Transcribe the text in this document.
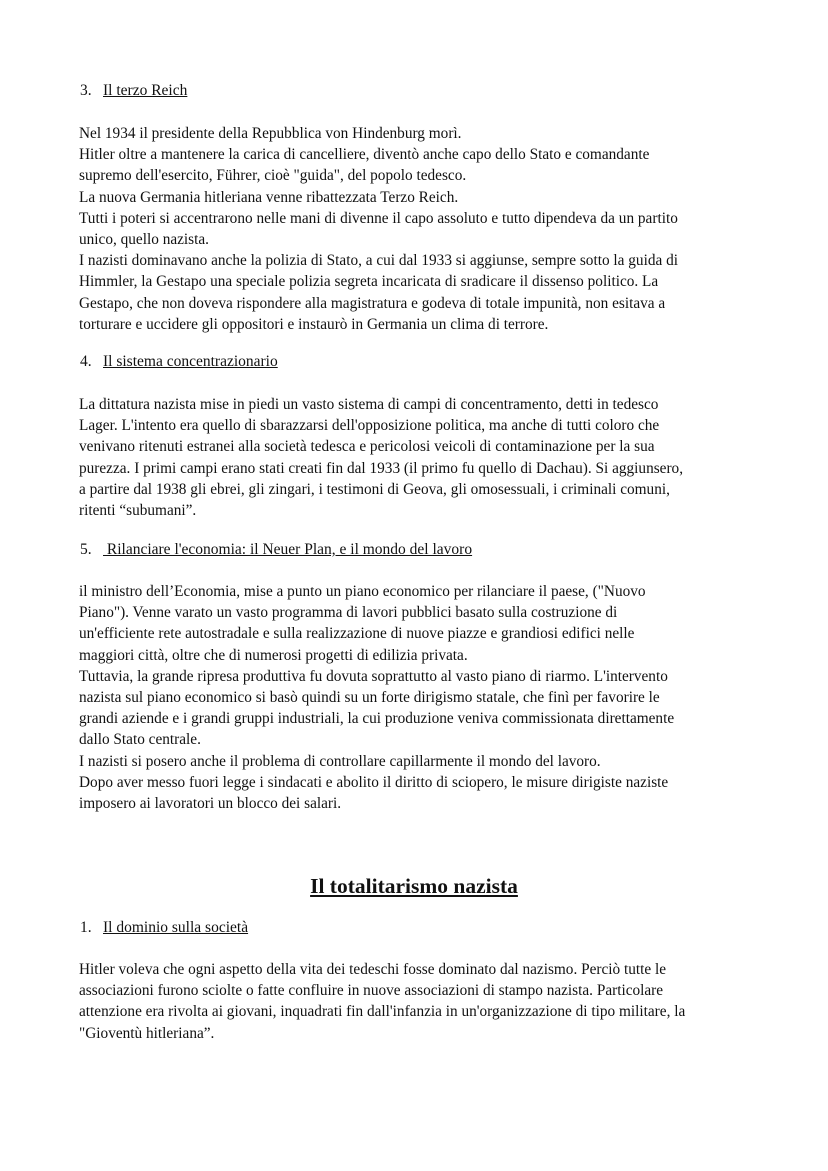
3. Il terzo Reich
Nel 1934 il presidente della Repubblica von Hindenburg morì.
Hitler oltre a mantenere la carica di cancelliere, diventò anche capo dello Stato e comandante
supremo dell'esercito, Führer, cioè "guida", del popolo tedesco.
La nuova Germania hitleriana venne ribattezzata Terzo Reich.
Tutti i poteri si accentrarono nelle mani di divenne il capo assoluto e tutto dipendeva da un partito
unico, quello nazista.
I nazisti dominavano anche la polizia di Stato, a cui dal 1933 si aggiunse, sempre sotto la guida di
Himmler, la Gestapo una speciale polizia segreta incaricata di sradicare il dissenso politico. La
Gestapo, che non doveva rispondere alla magistratura e godeva di totale impunità, non esitava a
torturare e uccidere gli oppositori e instaurò in Germania un clima di terrore.
4. Il sistema concentrazionario
La dittatura nazista mise in piedi un vasto sistema di campi di concentramento, detti in tedesco
Lager. L'intento era quello di sbarazzarsi dell'opposizione politica, ma anche di tutti coloro che
venivano ritenuti estranei alla società tedesca e pericolosi veicoli di contaminazione per la sua
purezza. I primi campi erano stati creati fin dal 1933 (il primo fu quello di Dachau). Si aggiunsero,
a partire dal 1938 gli ebrei, gli zingari, i testimoni di Geova, gli omosessuali, i criminali comuni,
ritenti “subumani”.
5. Rilanciare l'economia: il Neuer Plan, e il mondo del lavoro
il ministro dell’Economia, mise a punto un piano economico per rilanciare il paese, ("Nuovo
Piano"). Venne varato un vasto programma di lavori pubblici basato sulla costruzione di
un'efficiente rete autostradale e sulla realizzazione di nuove piazze e grandiosi edifici nelle
maggiori città, oltre che di numerosi progetti di edilizia privata.
Tuttavia, la grande ripresa produttiva fu dovuta soprattutto al vasto piano di riarmo. L'intervento
nazista sul piano economico si basò quindi su un forte dirigismo statale, che finì per favorire le
grandi aziende e i grandi gruppi industriali, la cui produzione veniva commissionata direttamente
dallo Stato centrale.
I nazisti si posero anche il problema di controllare capillarmente il mondo del lavoro.
Dopo aver messo fuori legge i sindacati e abolito il diritto di sciopero, le misure dirigiste naziste
imposero ai lavoratori un blocco dei salari.
Il totalitarismo nazista
1. Il dominio sulla società
Hitler voleva che ogni aspetto della vita dei tedeschi fosse dominato dal nazismo. Perciò tutte le
associazioni furono sciolte o fatte confluire in nuove associazioni di stampo nazista. Particolare
attenzione era rivolta ai giovani, inquadrati fin dall'infanzia in un'organizzazione di tipo militare, la
"Gioventù hitleriana”.
